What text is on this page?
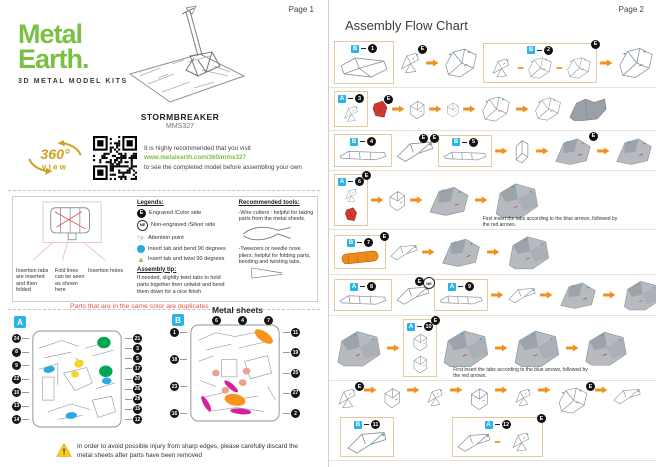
Page 1
Metal
Earth.
3D METAL MODEL KITS
STORMBREAKER
MMS327
360°
view
It is highly recommended that you visit
www.metalearth.com/360/mms327
to see the completed model before assembling your own
Insertion tabs are inserted and then folded
Fold lines can be seen as shown here
Insertion holes
Legends:
E	Engraved /Color side
NE	Non-engraved /Silver side
☞ Attention point
Insert tab and bend 90 degrees
▲ Insert tab and twist 90 degrees
Assembly tip:
If needed, slightly twist tabs to hold parts together then untwist and bend them down for a nice finish
Recommended tools:
-Wire cutters : helpful for taking parts from the metal sheets.
-Tweezers or needle nose pliers: helpful for folding parts, bending and twisting tabs.
Parts that are in the same color are duplicates Metal sheets
A
24
8
9
22
10
13
14
21
3
5
17
20
26
28
15
12
B
1
18
23
16
11
19
25
27
2
6	4	7
!
In order to avoid possible injury from sharp edges, please carefully discard the metal sheets after parts have been removed
Page 2
Assembly Flow Chart
B	1	E	B	2
E
A	3	E
B	4
E
E
B	5
E
A	6
E
First insert the tabs according to the blue arrows, followed by the red arrows.
B	7
E
A	8
NE
E
A	9
A	10
E
First insert the tabs according to the blue arrows, followed by the red arrows.
E	E
B	11	A	12
E
